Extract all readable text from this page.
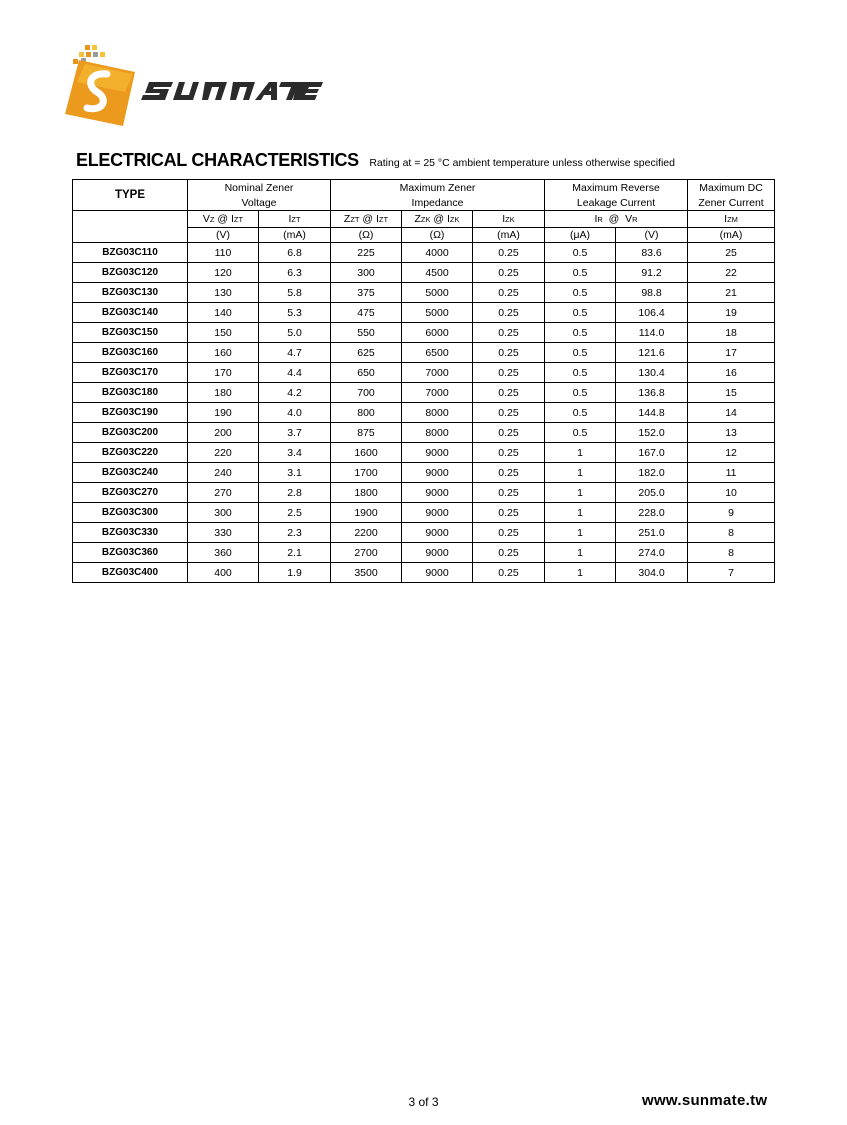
ELECTRICAL CHARACTERISTICS Rating at = 25 °C ambient temperature unless otherwise specified
TYPE	Nominal Zener		Maximum Zener			Maximum Reverse		Maximum DC
	Voltage		Impedance			Leakage Current		Zener Current
	VZ @ IZT	IZT	ZZT @ IZT	ZZK @ IZK	IZK	IR  @  VR		IZM
	(V)	(mA)	(Ω)	(Ω)	(mA)	(μA)	(V)	(mA)
BZG03C110	110	6.8	225	4000	0.25	0.5	83.6	25
BZG03C120	120	6.3	300	4500	0.25	0.5	91.2	22
BZG03C130	130	5.8	375	5000	0.25	0.5	98.8	21
BZG03C140	140	5.3	475	5000	0.25	0.5	106.4	19
BZG03C150	150	5.0	550	6000	0.25	0.5	114.0	18
BZG03C160	160	4.7	625	6500	0.25	0.5	121.6	17
BZG03C170	170	4.4	650	7000	0.25	0.5	130.4	16
BZG03C180	180	4.2	700	7000	0.25	0.5	136.8	15
BZG03C190	190	4.0	800	8000	0.25	0.5	144.8	14
BZG03C200	200	3.7	875	8000	0.25	0.5	152.0	13
BZG03C220	220	3.4	1600	9000	0.25	1	167.0	12
BZG03C240	240	3.1	1700	9000	0.25	1	182.0	11
BZG03C270	270	2.8	1800	9000	0.25	1	205.0	10
BZG03C300	300	2.5	1900	9000	0.25	1	228.0	9
BZG03C330	330	2.3	2200	9000	0.25	1	251.0	8
BZG03C360	360	2.1	2700	9000	0.25	1	274.0	8
BZG03C400	400	1.9	3500	9000	0.25	1	304.0	7
3 of 3	www.sunmate.tw
